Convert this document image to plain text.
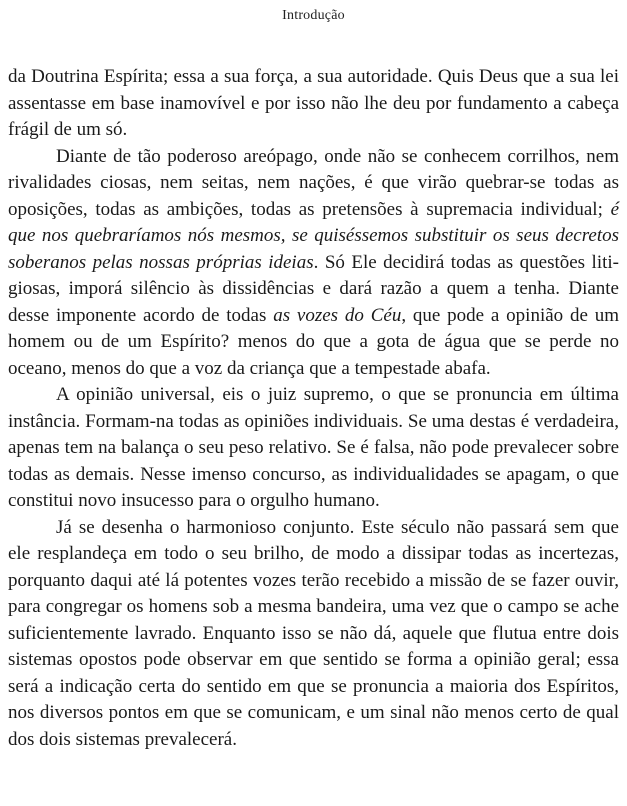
Introdução

da Doutrina Espírita; essa a sua força, a sua autoridade. Quis Deus que a sua lei assentasse em base inamovível e por isso não lhe deu por fundamento a cabeça frágil de um só.

Diante de tão poderoso areópago, onde não se conhecem corrilhos, nem rivalidades ciosas, nem seitas, nem nações, é que virão quebrar-se todas as oposições, todas as ambições, todas as pretensões à supremacia individual; é que nos quebraríamos nós mesmos, se quiséssemos substituir os seus decretos soberanos pelas nossas próprias ideias. Só Ele decidirá todas as questões litigiosas, imporá silêncio às dissidências e dará razão a quem a tenha. Diante desse imponente acordo de todas as vozes do Céu, que pode a opinião de um homem ou de um Espírito? menos do que a gota de água que se perde no oceano, menos do que a voz da criança que a tempestade abafa.

A opinião universal, eis o juiz supremo, o que se pronuncia em última instância. Formam-na todas as opiniões individuais. Se uma destas é verdadeira, apenas tem na balança o seu peso relativo. Se é falsa, não pode prevalecer sobre todas as demais. Nesse imenso concurso, as individualidades se apagam, o que constitui novo insucesso para o orgulho humano.

Já se desenha o harmonioso conjunto. Este século não passará sem que ele resplandeça em todo o seu brilho, de modo a dissipar todas as incertezas, porquanto daqui até lá potentes vozes terão recebido a missão de se fazer ouvir, para congregar os homens sob a mesma bandeira, uma vez que o campo se ache suficientemente lavrado. Enquanto isso se não dá, aquele que flutua entre dois sistemas opostos pode observar em que sentido se forma a opinião geral; essa será a indicação certa do sentido em que se pronuncia a maioria dos Espíritos, nos diversos pontos em que se comunicam, e um sinal não menos certo de qual dos dois sistemas prevalecerá.
